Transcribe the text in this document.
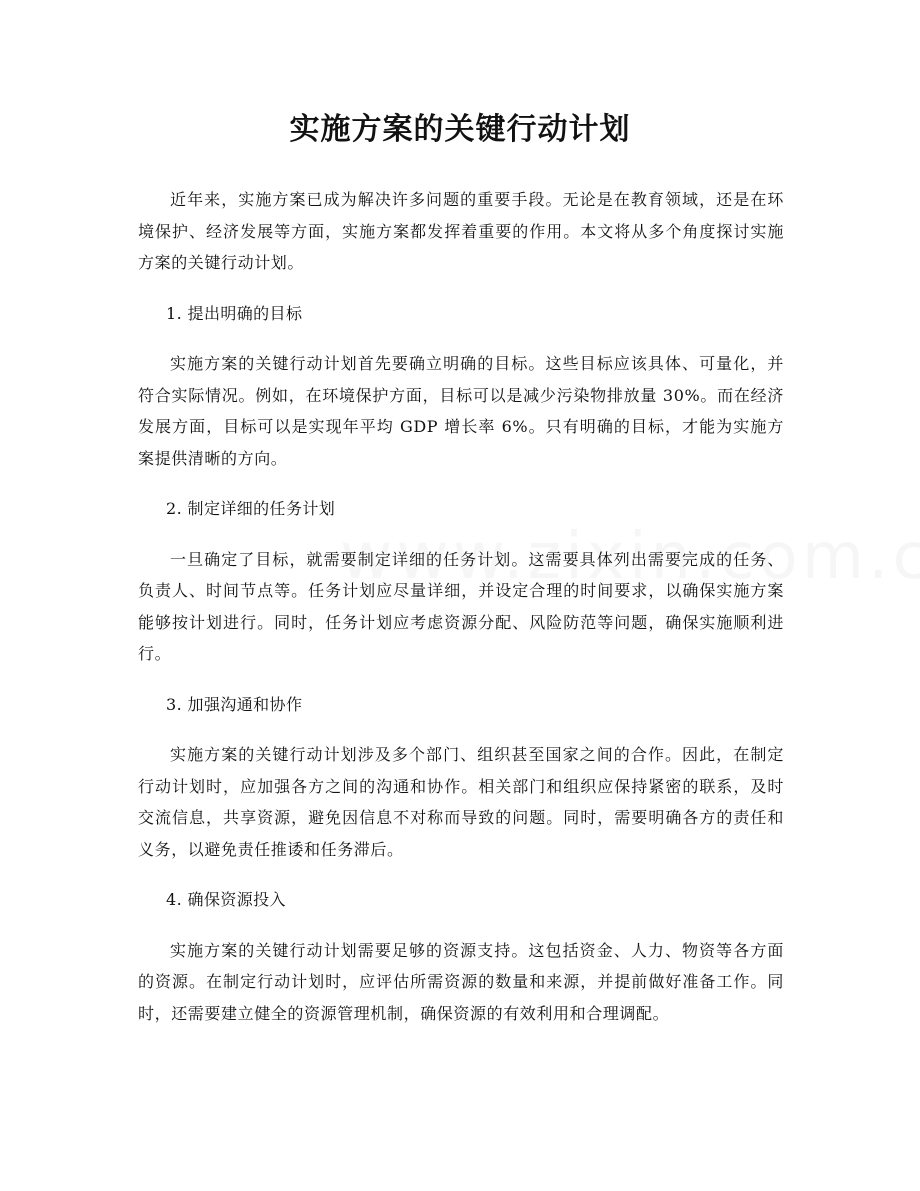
实施方案的关键行动计划

近年来，实施方案已成为解决许多问题的重要手段。无论是在教育领域，还是在环境保护、经济发展等方面，实施方案都发挥着重要的作用。本文将从多个角度探讨实施方案的关键行动计划。

1. 提出明确的目标

实施方案的关键行动计划首先要确立明确的目标。这些目标应该具体、可量化，并符合实际情况。例如，在环境保护方面，目标可以是减少污染物排放量 30%。而在经济发展方面，目标可以是实现年平均 GDP 增长率 6%。只有明确的目标，才能为实施方案提供清晰的方向。

2. 制定详细的任务计划

一旦确定了目标，就需要制定详细的任务计划。这需要具体列出需要完成的任务、负责人、时间节点等。任务计划应尽量详细，并设定合理的时间要求，以确保实施方案能够按计划进行。同时，任务计划应考虑资源分配、风险防范等问题，确保实施顺利进行。

3. 加强沟通和协作

实施方案的关键行动计划涉及多个部门、组织甚至国家之间的合作。因此，在制定行动计划时，应加强各方之间的沟通和协作。相关部门和组织应保持紧密的联系，及时交流信息，共享资源，避免因信息不对称而导致的问题。同时，需要明确各方的责任和义务，以避免责任推诿和任务滞后。

4. 确保资源投入

实施方案的关键行动计划需要足够的资源支持。这包括资金、人力、物资等各方面的资源。在制定行动计划时，应评估所需资源的数量和来源，并提前做好准备工作。同时，还需要建立健全的资源管理机制，确保资源的有效利用和合理调配。
